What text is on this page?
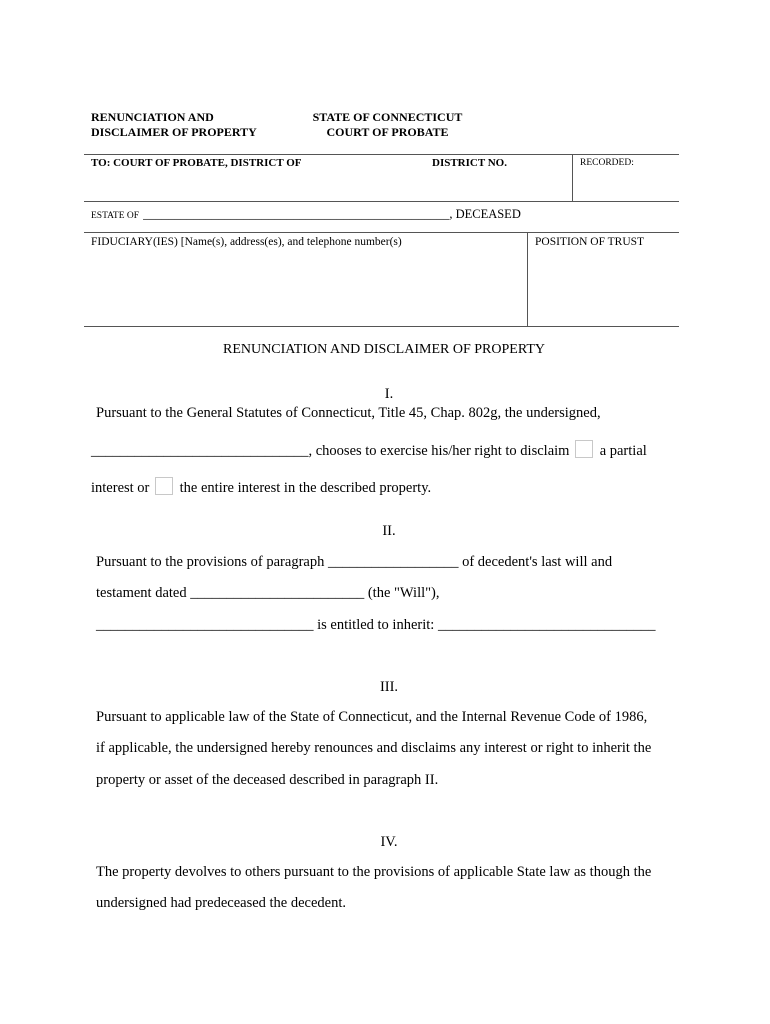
RENUNCIATION AND
DISCLAIMER OF PROPERTY
STATE OF CONNECTICUT
COURT OF PROBATE
TO: COURT OF PROBATE, DISTRICT OF	DISTRICT NO.	RECORDED:
ESTATE OF _________________________________________________, DECEASED
FIDUCIARY(IES) [Name(s), address(es), and telephone number(s)	POSITION OF TRUST
RENUNCIATION AND DISCLAIMER OF PROPERTY
I.
Pursuant to the General Statutes of Connecticut, Title 45, Chap. 802g, the undersigned,
______________________________, chooses to exercise his/her right to disclaim a partial
interest or the entire interest in the described property.
II.
Pursuant to the provisions of paragraph __________________ of decedent's last will and
testament dated ________________________ (the "Will"),
______________________________ is entitled to inherit: ______________________________
III.
Pursuant to applicable law of the State of Connecticut, and the Internal Revenue Code of 1986,
if applicable, the undersigned hereby renounces and disclaims any interest or right to inherit the
property or asset of the deceased described in paragraph II.
IV.
The property devolves to others pursuant to the provisions of applicable State law as though the
undersigned had predeceased the decedent.
